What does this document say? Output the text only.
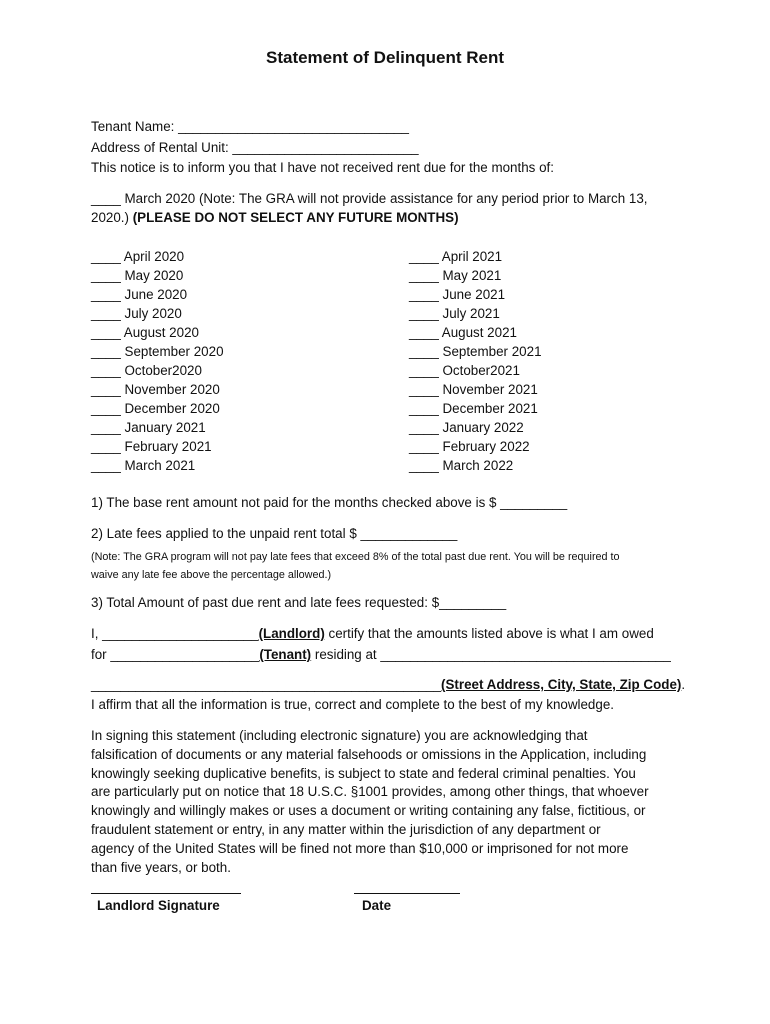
Statement of Delinquent Rent
Tenant Name: _______________________________
Address of Rental Unit: _________________________
This notice is to inform you that I have not received rent due for the months of:
____ March 2020 (Note: The GRA will not provide assistance for any period prior to March 13,
2020.) (PLEASE DO NOT SELECT ANY FUTURE MONTHS)
____ April 2020
____ May 2020
____ June 2020
____ July 2020
____ August 2020
____ September 2020
____ October2020
____ November 2020
____ December 2020
____ January 2021
____ February 2021
____ March 2021
____ April 2021
____ May 2021
____ June 2021
____ July 2021
____ August 2021
____ September 2021
____ October2021
____ November 2021
____ December 2021
____ January 2022
____ February 2022
____ March 2022
1) The base rent amount not paid for the months checked above is $ _________
2) Late fees applied to the unpaid rent total $ _____________
(Note: The GRA program will not pay late fees that exceed 8% of the total past due rent. You will be required to
waive any late fee above the percentage allowed.)
3) Total Amount of past due rent and late fees requested: $_________
I, _____________________(Landlord) certify that the amounts listed above is what I am owed
for ____________________(Tenant) residing at _______________________________________
_______________________________________________(Street Address, City, State, Zip Code).
I affirm that all the information is true, correct and complete to the best of my knowledge.
In signing this statement (including electronic signature) you are acknowledging that
falsification of documents or any material falsehoods or omissions in the Application, including
knowingly seeking duplicative benefits, is subject to state and federal criminal penalties. You
are particularly put on notice that 18 U.S.C. §1001 provides, among other things, that whoever
knowingly and willingly makes or uses a document or writing containing any false, fictitious, or
fraudulent statement or entry, in any matter within the jurisdiction of any department or
agency of the United States will be fined not more than $10,000 or imprisoned for not more
than five years, or both.
Landlord Signature	Date
